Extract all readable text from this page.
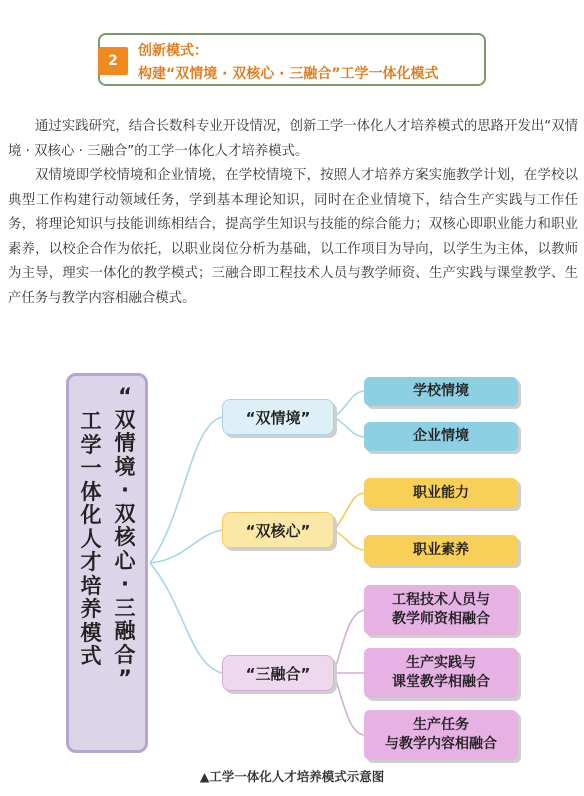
2
创新模式：
构建“双情境 · 双核心 · 三融合”工学一体化模式

通过实践研究，结合长数科专业开设情况，创新工学一体化人才培养模式的思路开发出“双情境 · 双核心 · 三融合”的工学一体化人才培养模式。

双情境即学校情境和企业情境，在学校情境下，按照人才培养方案实施教学计划，在学校以典型工作构建行动领域任务，学到基本理论知识，同时在企业情境下，结合生产实践与工作任务，将理论知识与技能训练相结合，提高学生知识与技能的综合能力；双核心即职业能力和职业素养，以校企合作为依托，以职业岗位分析为基础，以工作项目为导向，以学生为主体，以教师为主导，理实一体化的教学模式；三融合即工程技术人员与教学师资、生产实践与课堂教学、生产任务与教学内容相融合模式。

工
学
一
体
化
人
才
培
养
模
式
“
双
情
境
·
双
核
心
·
三
融
合
”
“双情境”
“双核心”
“三融合”
学校情境
企业情境
职业能力
职业素养
工程技术人员与
教学师资相融合
生产实践与
课堂教学相融合
生产任务
与教学内容相融合
▲工学一体化人才培养模式示意图
